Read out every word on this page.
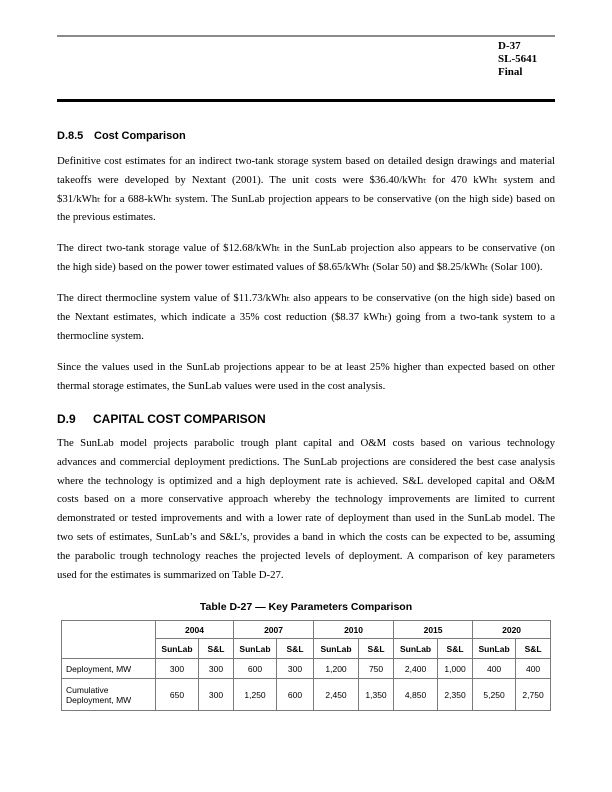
D-37
SL-5641
Final
D.8.5 Cost Comparison
Definitive cost estimates for an indirect two-tank storage system based on detailed design drawings and material
takeoffs were developed by Nextant (2001). The unit costs were $36.40/kWhₜ for 470 kWhₜ system and
$31/kWhₜ for a 688-kWhₜ system. The SunLab projection appears to be conservative (on the high side) based on
the previous estimates.
The direct two-tank storage value of $12.68/kWhₜ in the SunLab projection also appears to be conservative (on
the high side) based on the power tower estimated values of $8.65/kWhₜ (Solar 50) and $8.25/kWhₜ (Solar 100).
The direct thermocline system value of $11.73/kWhₜ also appears to be conservative (on the high side) based on
the Nextant estimates, which indicate a 35% cost reduction ($8.37 kWhₜ) going from a two-tank system to a
thermocline system.
Since the values used in the SunLab projections appear to be at least 25% higher than expected based on other
thermal storage estimates, the SunLab values were used in the cost analysis.
D.9 CAPITAL COST COMPARISON
The SunLab model projects parabolic trough plant capital and O&M costs based on various technology
advances and commercial deployment predictions. The SunLab projections are considered the best case analysis
where the technology is optimized and a high deployment rate is achieved. S&L developed capital and O&M
costs based on a more conservative approach whereby the technology improvements are limited to current
demonstrated or tested improvements and with a lower rate of deployment than used in the SunLab model. The
two sets of estimates, SunLab’s and S&L’s, provides a band in which the costs can be expected to be, assuming
the parabolic trough technology reaches the projected levels of deployment. A comparison of key parameters
used for the estimates is summarized on Table D-27.
Table D-27 — Key Parameters Comparison
	2004		2007		2010		2015		2020	
	SunLab	S&L	SunLab	S&L	SunLab	S&L	SunLab	S&L	SunLab	S&L
Deployment, MW	300	300	600	300	1,200	750	2,400	1,000	400	400
Cumulative Deployment, MW	650	300	1,250	600	2,450	1,350	4,850	2,350	5,250	2,750
